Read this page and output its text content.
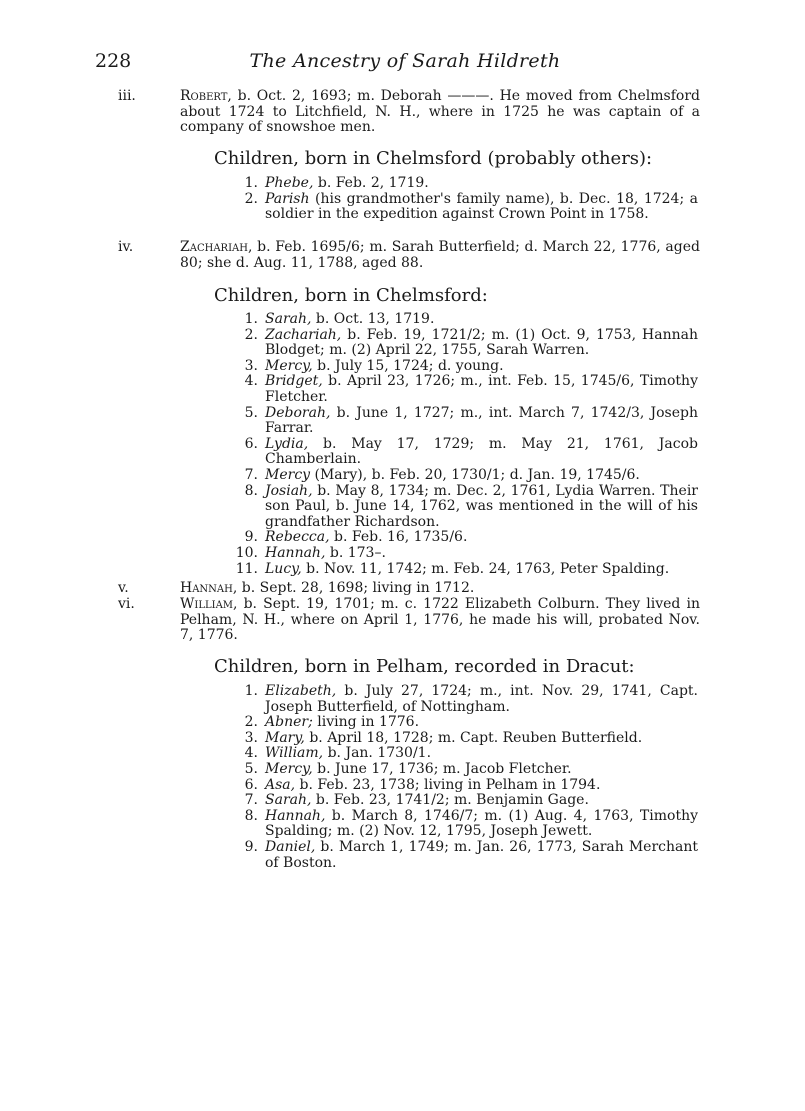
228	The Ancestry of Sarah Hildreth
iii.	Robert, b. Oct. 2, 1693; m. Deborah ———. He moved from Chelmsford about 1724 to Litchfield, N. H., where in 1725 he was captain of a company of snowshoe men.
Children, born in Chelmsford (probably others):
1. Phebe, b. Feb. 2, 1719.
2. Parish (his grandmother's family name), b. Dec. 18, 1724; a soldier in the expedition against Crown Point in 1758.
iv.	Zachariah, b. Feb. 1695/6; m. Sarah Butterfield; d. March 22, 1776, aged 80; she d. Aug. 11, 1788, aged 88.
Children, born in Chelmsford:
1. Sarah, b. Oct. 13, 1719.
2. Zachariah, b. Feb. 19, 1721/2; m. (1) Oct. 9, 1753, Hannah Blodget; m. (2) April 22, 1755, Sarah Warren.
3. Mercy, b. July 15, 1724; d. young.
4. Bridget, b. April 23, 1726; m., int. Feb. 15, 1745/6, Timothy Fletcher.
5. Deborah, b. June 1, 1727; m., int. March 7, 1742/3, Joseph Farrar.
6. Lydia, b. May 17, 1729; m. May 21, 1761, Jacob Chamberlain.
7. Mercy (Mary), b. Feb. 20, 1730/1; d. Jan. 19, 1745/6.
8. Josiah, b. May 8, 1734; m. Dec. 2, 1761, Lydia Warren. Their son Paul, b. June 14, 1762, was mentioned in the will of his grandfather Richardson.
9. Rebecca, b. Feb. 16, 1735/6.
10. Hannah, b. 173–.
11. Lucy, b. Nov. 11, 1742; m. Feb. 24, 1763, Peter Spalding.
v.	Hannah, b. Sept. 28, 1698; living in 1712.
vi.	William, b. Sept. 19, 1701; m. c. 1722 Elizabeth Colburn. They lived in Pelham, N. H., where on April 1, 1776, he made his will, probated Nov. 7, 1776.
Children, born in Pelham, recorded in Dracut:
1. Elizabeth, b. July 27, 1724; m., int. Nov. 29, 1741, Capt. Joseph Butterfield, of Nottingham.
2. Abner; living in 1776.
3. Mary, b. April 18, 1728; m. Capt. Reuben Butterfield.
4. William, b. Jan. 1730/1.
5. Mercy, b. June 17, 1736; m. Jacob Fletcher.
6. Asa, b. Feb. 23, 1738; living in Pelham in 1794.
7. Sarah, b. Feb. 23, 1741/2; m. Benjamin Gage.
8. Hannah, b. March 8, 1746/7; m. (1) Aug. 4, 1763, Timothy Spalding; m. (2) Nov. 12, 1795, Joseph Jewett.
9. Daniel, b. March 1, 1749; m. Jan. 26, 1773, Sarah Merchant of Boston.
